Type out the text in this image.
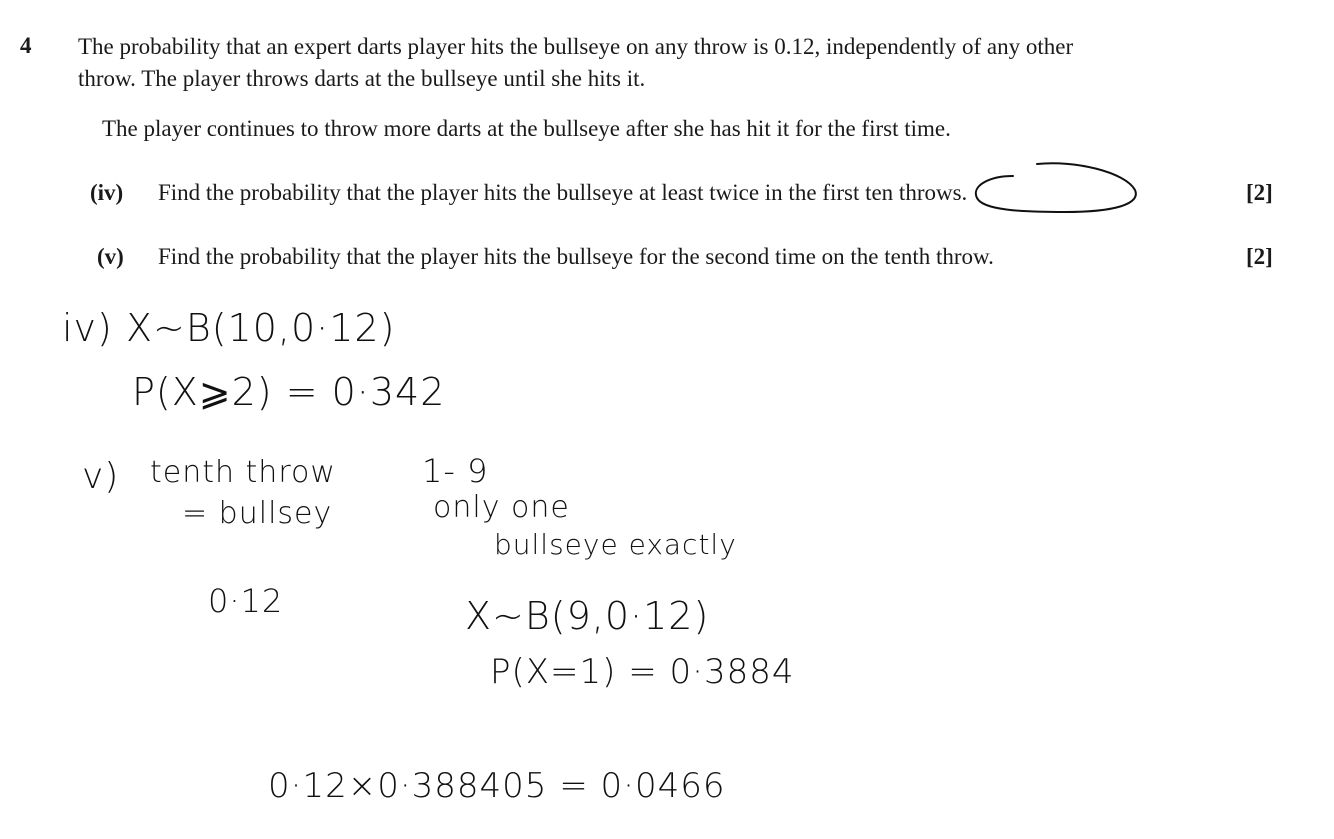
4 The probability that an expert darts player hits the bullseye on any throw is 0.12, independently of any other
throw. The player throws darts at the bullseye until she hits it.
The player continues to throw more darts at the bullseye after she has hit it for the first time.
(iv) Find the probability that the player hits the bullseye at least twice in the first ten throws.	[2]
(v) Find the probability that the player hits the bullseye for the second time on the tenth throw.	[2]
iv) X~B(10,0·12)
P(X⩾2) = 0·342
v) tenth throw
= bullsey
0·12
1- 9
only one
bullseye exactly
X~B(9,0·12)
P(X=1) = 0·3884
0·12×0·388405 = 0·0466
